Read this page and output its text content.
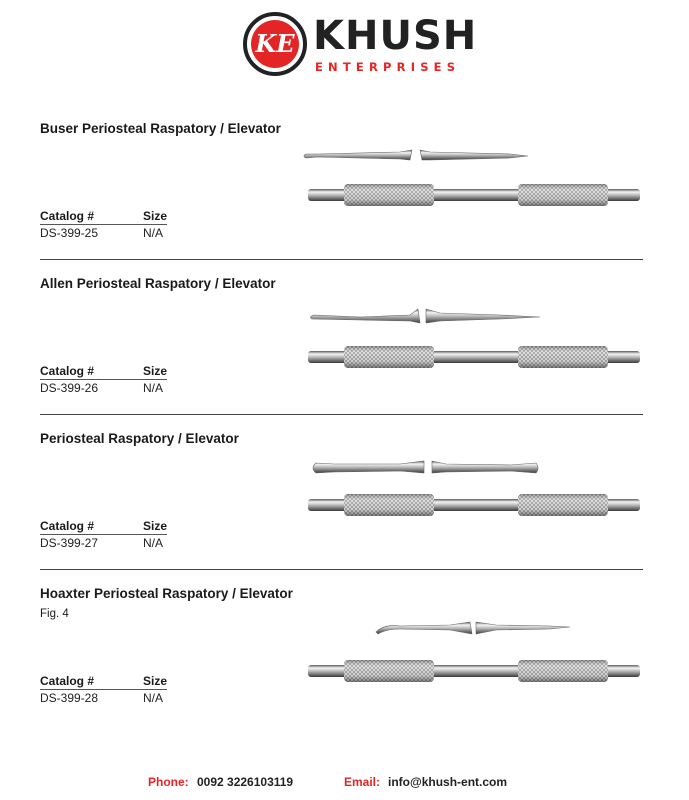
KE KHUSH
ENTERPRISES
Buser Periosteal Raspatory / Elevator
Catalog #	Size
DS-399-25	N/A
Allen Periosteal Raspatory / Elevator
Catalog #	Size
DS-399-26	N/A
Periosteal Raspatory / Elevator
Catalog #	Size
DS-399-27	N/A
Hoaxter Periosteal Raspatory / Elevator
Fig. 4
Catalog #	Size
DS-399-28	N/A
Phone: 0092 3226103119	Email: info@khush-ent.com
